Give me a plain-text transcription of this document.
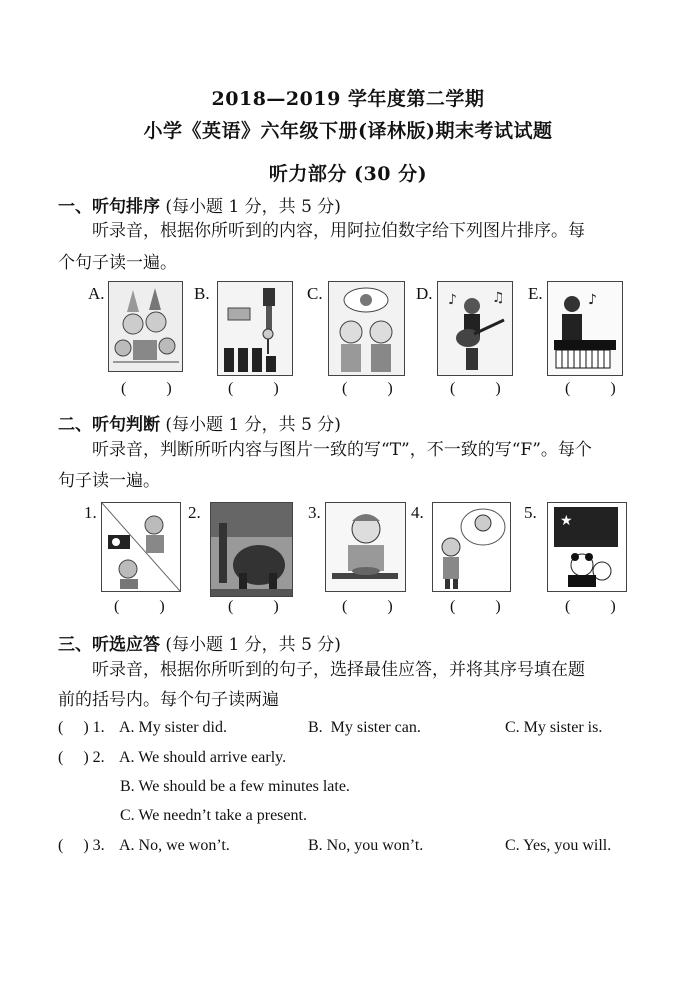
2018—2019 学年度第二学期
小学《英语》六年级下册(译林版)期末考试试题
听力部分 (30 分)
一、听句排序 (每小题 1 分，共 5 分)
听录音，根据你所听到的内容，用阿拉伯数字给下列图片排序。每
个句子读一遍。
A.	B.	C.	D.	E.
♪	♫	♪
( ) ( )	( ) ( )	( )
二、听句判断 (每小题 1 分，共 5 分)
听录音，判断所听内容与图片一致的写“T”，不一致的写“F”。每个
句子读一遍。
1.	2.	3.	4.	5. ★
( )	( )	( ) ( )	( )
三、听选应答 (每小题 1 分，共 5 分)
听录音，根据你所听到的句子，选择最佳应答，并将其序号填在题
前的括号内。每个句子读两遍
(     ) 1. A. My sister did.	B.  My sister can.	C. My sister is.
(     ) 2. A. We should arrive early.
B. We should be a few minutes late.
C. We needn’t take a present.
(     ) 3. A. No, we won’t.	B. No, you won’t.	C. Yes, you will.
